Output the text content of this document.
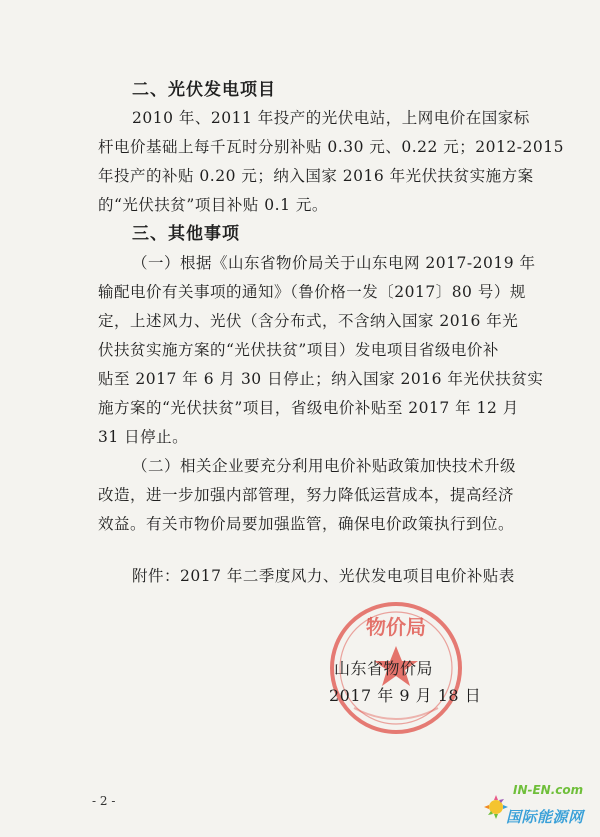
二、光伏发电项目
2010 年、2011 年投产的光伏电站，上网电价在国家标
杆电价基础上每千瓦时分别补贴 0.30 元、0.22 元；2012-2015
年投产的补贴 0.20 元；纳入国家 2016 年光伏扶贫实施方案
的“光伏扶贫”项目补贴 0.1 元。
三、其他事项
（一）根据《山东省物价局关于山东电网 2017-2019 年
输配电价有关事项的通知》（鲁价格一发〔2017〕80 号）规
定，上述风力、光伏（含分布式，不含纳入国家 2016 年光
伏扶贫实施方案的“光伏扶贫”项目）发电项目省级电价补
贴至 2017 年 6 月 30 日停止；纳入国家 2016 年光伏扶贫实
施方案的“光伏扶贫”项目，省级电价补贴至 2017 年 12 月
31 日停止。
（二）相关企业要充分利用电价补贴政策加快技术升级
改造，进一步加强内部管理，努力降低运营成本，提高经济
效益。有关市物价局要加强监管，确保电价政策执行到位。
附件：2017 年二季度风力、光伏发电项目电价补贴表
物价局
山东省物价局
2017 年 9 月 18 日
- 2 -
IN-EN.com
国际能源网
